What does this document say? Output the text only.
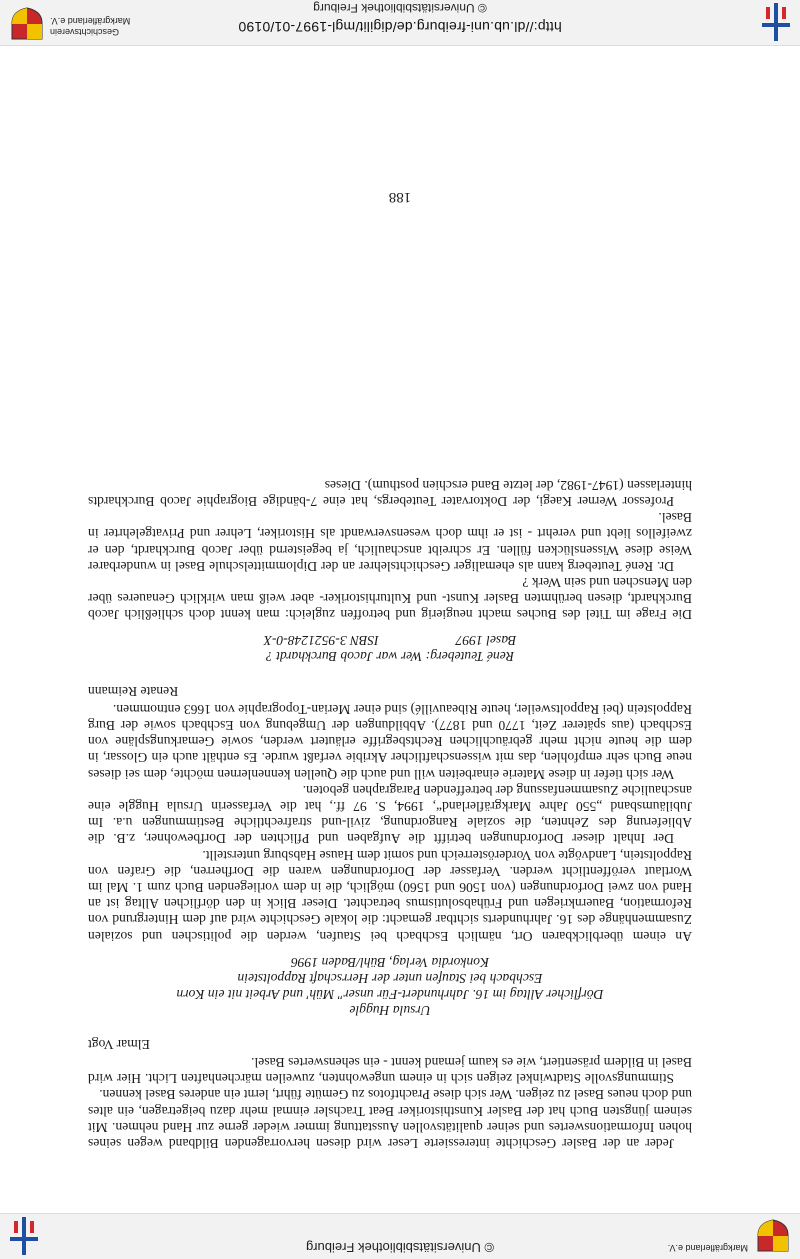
Markgräflerland e.V.
© Universitätsbibliothek Freiburg

Jeder an der Basler Geschichte interessierte Leser wird diesen hervorragenden Bildband wegen seines hohen Informationswertes und seiner qualitätsvollen Ausstattung immer wieder gerne zur Hand nehmen. Mit seinem jüngsten Buch hat der Basler Kunsthistoriker Beat Trachsler einmal mehr dazu beigetragen, ein altes und doch neues Basel zu zeigen. Wer sich diese Prachtfotos zu Gemüte führt, lernt ein anderes Basel kennen.

Stimmungsvolle Stadtwinkel zeigen sich in einem ungewohnten, zuweilen märchenhaften Licht. Hier wird Basel in Bildern präsentiert, wie es kaum jemand kennt - ein sehenswertes Basel.

Elmar Vogt

Ursula Huggle
Dörflicher Alltag im 16. Jahrhundert-Für unser" Müh' und Arbeit nit ein Korn
Eschbach bei Staufen unter der Herrschaft Rappoltstein
Konkordia Verlag, Bühl/Baden 1996

An einem überblickbaren Ort, nämlich Eschbach bei Staufen, werden die politischen und sozialen Zusammenhänge des 16. Jahrhunderts sichtbar gemacht: die lokale Geschichte wird auf dem Hintergrund von Reformation, Bauernkriegen und Frühabsolutismus betrachtet. Dieser Blick in den dörflichen Alltag ist an Hand von zwei Dorfordnungen (von 1506 und 1560) möglich, die in dem vorliegenden Buch zum 1. Mal im Wortlaut veröffentlicht werden. Verfasser der Dorfordnungen waren die Dorfherren, die Grafen von Rappoltstein, Landvögte von Vorderösterreich und somit dem Hause Habsburg unterstellt.

Der Inhalt dieser Dorfordnungen betrifft die Aufgaben und Pflichten der Dorfbewohner, z.B. die Ablieferung des Zehnten, die soziale Rangordnung, zivil-und strafrechtliche Bestimmungen u.a. Im Jubiläumsband „550 Jahre Markgräflerland“, 1994, S. 97 ff., hat die Verfasserin Ursula Huggle eine anschauliche Zusammenfassung der betreffenden Paragraphen geboten.

Wer sich tiefer in diese Materie einarbeiten will und auch die Quellen kennenlernen möchte, dem sei dieses neue Buch sehr empfohlen, das mit wissenschaftlicher Akribie verfaßt wurde. Es enthält auch ein Glossar, in dem die heute nicht mehr gebräuchlichen Rechtsbegriffe erläutert werden, sowie Gemarkungspläne von Eschbach (aus späterer Zeit, 1770 und 1877). Abbildungen der Umgebung von Eschbach sowie der Burg Rappolstein (bei Rappoltsweiler, heute Ribeauvillé) sind einer Merian-Topographie von 1663 entnommen.

Renate Reimann

René Teuteberg: Wer war Jacob Burckhardt ?
Basel 1997  ISBN 3-9521248-0-X

Die Frage im Titel des Buches macht neugierig und betroffen zugleich: man kennt doch schließlich Jacob Burckhardt, diesen berühmten Basler Kunst- und Kulturhistoriker- aber weiß man wirklich Genaueres über den Menschen und sein Werk ?

Dr. René Teuteberg kann als ehemaliger Geschichtslehrer an der Diplommittelschule Basel in wunderbarer Weise diese Wissenslücken füllen. Er schreibt anschaulich, ja begeisternd über Jacob Burckhardt, den er zweifellos liebt und verehrt - ist er ihm doch wesensverwandt als Historiker, Lehrer und Privatgelehrter in Basel.

Professor Werner Kaegi, der Doktorvater Teutebergs, hat eine 7-bändige Biographie Jacob Burckhardts hinterlassen (1947-1982, der letzte Band erschien posthum). Dieses

188
© Universitätsbibliothek Freiburg
http://dl.ub.uni-freiburg.de/digilit/mgl-1997-01/0190
Geschichtsverein
Markgräflerland e.V.
